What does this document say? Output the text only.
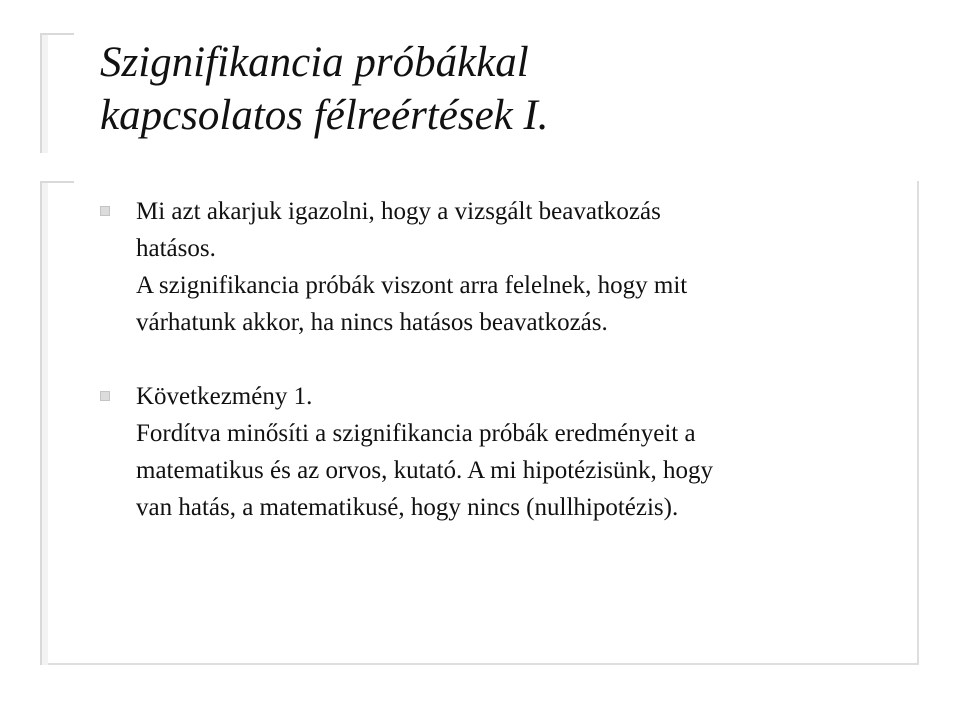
Szignifikancia próbákkal
kapcsolatos félreértések I.
Mi azt akarjuk igazolni, hogy a vizsgált beavatkozás
hatásos.
A szignifikancia próbák viszont arra felelnek, hogy mit
várhatunk akkor, ha nincs hatásos beavatkozás.
Következmény 1.
Fordítva minősíti a szignifikancia próbák eredményeit a
matematikus és az orvos, kutató. A mi hipotézisünk, hogy
van hatás, a matematikusé, hogy nincs (nullhipotézis).
